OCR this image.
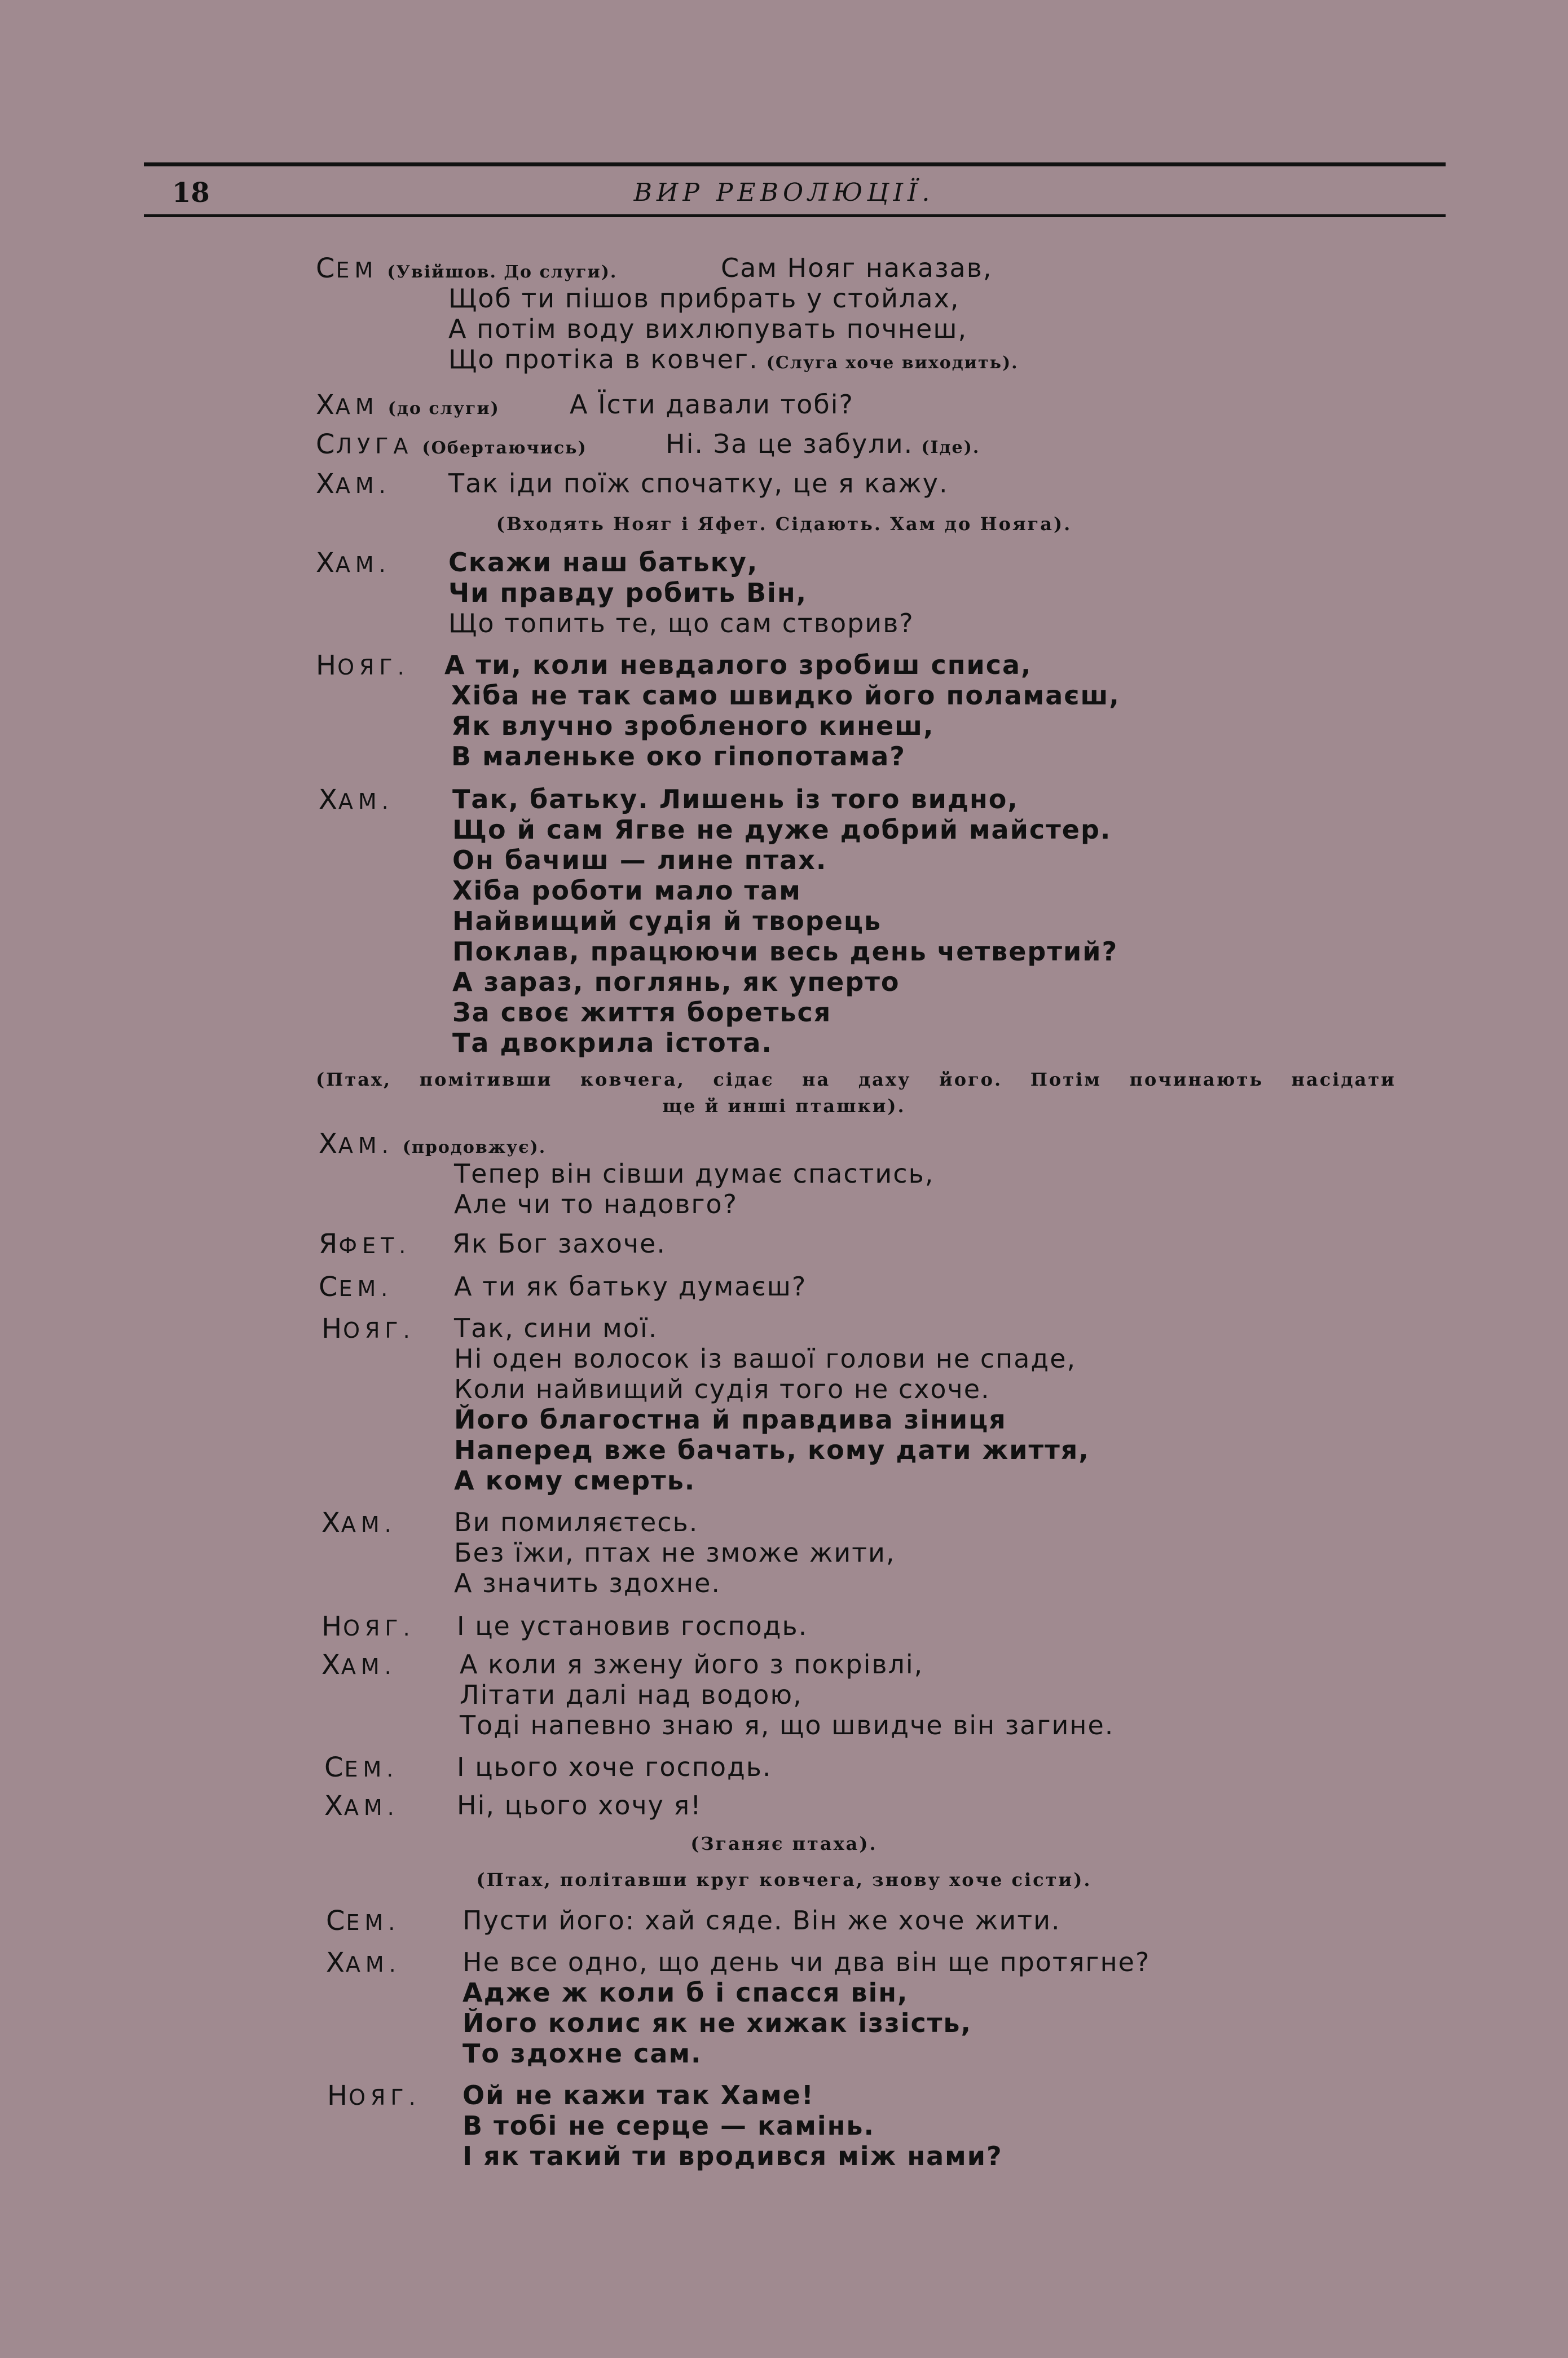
18	ВИР РЕВОЛЮЦІЇ.
СЕМ (Увійшов. До слуги).	Сам Нояг наказав,
Щоб ти пішов прибрать у стойлах,
А потім воду вихлюпувать почнеш,
Що протіка в ковчег. (Слуга хоче виходить).
ХАМ (до слуги)	А Їсти давали тобі?
СЛУГА (Обертаючись)	Ні. За це забули. (Іде).
ХАМ. Так іди поїж спочатку, це я кажу.
(Входять Нояг і Яфет. Сідають. Хам до Ноягa).
ХАМ. Скажи наш батьку,
Чи правду робить Він,
Що топить те, що сам створив?
НОЯГ. А ти, коли невдалого зробиш списа,
Хіба не так само швидко його поламаєш,
Як влучно зробленого кинеш,
В маленьке око гіпопотама?
ХАМ. Так, батьку. Лишень із того видно,
Що й сам Ягве не дуже добрий майстер.
Он бачиш — лине птах.
Хіба роботи мало там
Найвищий судія й творець
Поклав, працюючи весь день четвертий?
А зараз, поглянь, як уперто
За своє життя бореться
Та двокрила істота.
(Птах, помітивши ковчега, сідає на даху його. Потім починають насідати
ще й инші пташки).
ХАМ. (продовжує).
Тепер він сівши думає спастись,
Але чи то надовго?
ЯФЕТ. Як Бог захоче.
СЕМ. А ти як батьку думаєш?
НОЯГ. Так, сини мої.
Ні оден волосок із вашої голови не спаде,
Коли найвищий судія того не схоче.
Його благостна й правдива зіниця
Наперед вже бачать, кому дати життя,
А кому смерть.
ХАМ. Ви помиляєтесь.
Без їжи, птах не зможе жити,
А значить здохне.
НОЯГ. І це установив господь.
ХАМ. А коли я зжену його з покрівлі,
Літати далі над водою,
Тоді напевно знаю я, що швидче він загине.
СЕМ. І цього хоче господь.
ХАМ. Ні, цього хочу я!
(Зганяє птаха).
(Птах, політавши круг ковчега, знову хоче сісти).
СЕМ. Пусти його: хай сяде. Він же хоче жити.
ХАМ. Не все одно, що день чи два він ще протягне?
Адже ж коли б і спасся він,
Його колис як не хижак іззість,
То здохне сам.
НОЯГ. Ой не кажи так Хаме!
В тобі не серце — камінь.
І як такий ти вродився між нами?
